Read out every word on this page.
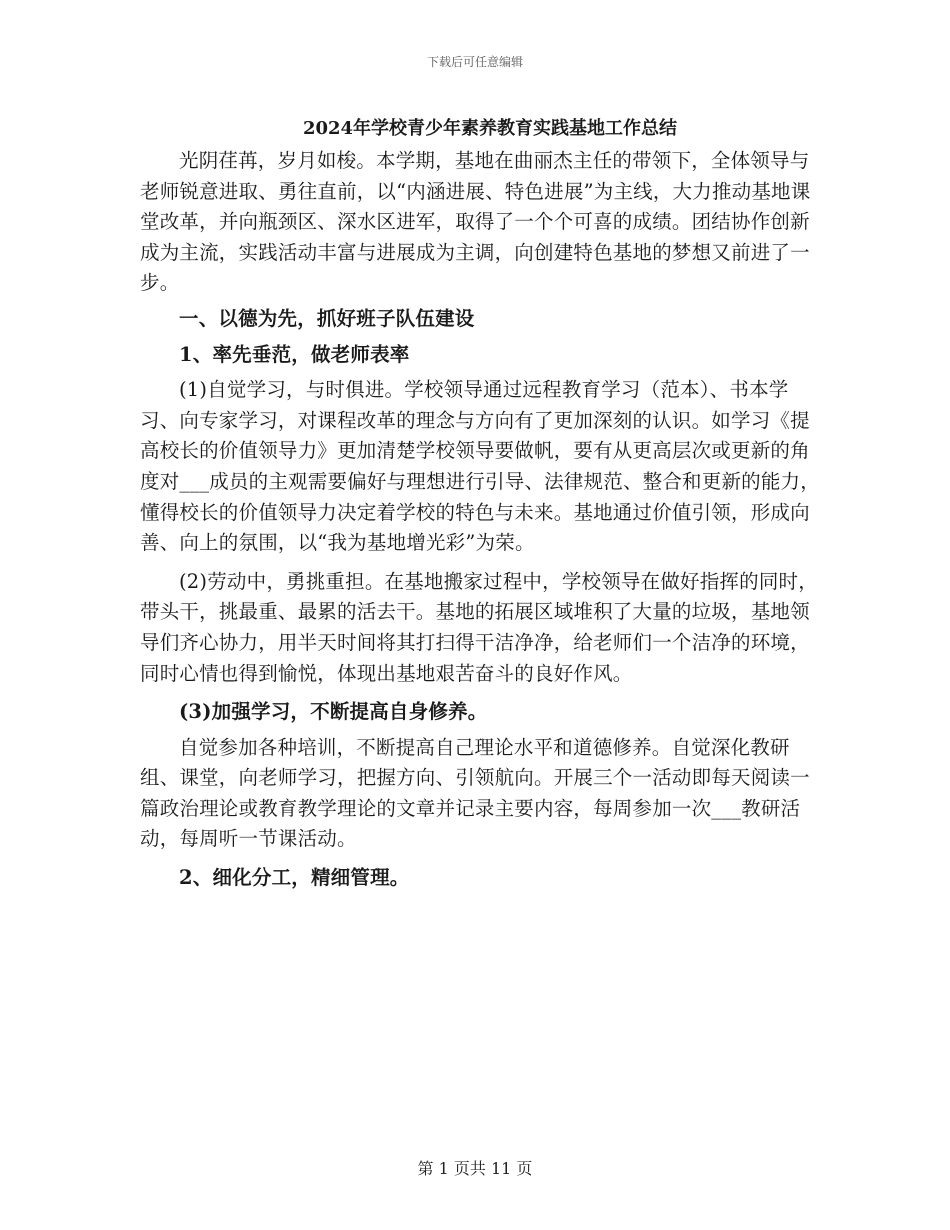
下载后可任意编辑
2024年学校青少年素养教育实践基地工作总结

光阴荏苒，岁月如梭。本学期，基地在曲丽杰主任的带领下，全体领导与老师锐意进取、勇往直前，以“内涵进展、特色进展”为主线，大力推动基地课堂改革，并向瓶颈区、深水区进军，取得了一个个可喜的成绩。团结协作创新成为主流，实践活动丰富与进展成为主调，向创建特色基地的梦想又前进了一步。

一、以德为先，抓好班子队伍建设

1、率先垂范，做老师表率

(1)自觉学习，与时俱进。学校领导通过远程教育学习（范本）、书本学习、向专家学习，对课程改革的理念与方向有了更加深刻的认识。如学习《提高校长的价值领导力》更加清楚学校领导要做帆，要有从更高层次或更新的角度对___成员的主观需要偏好与理想进行引导、法律规范、整合和更新的能力，懂得校长的价值领导力决定着学校的特色与未来。基地通过价值引领，形成向善、向上的氛围，以“我为基地增光彩”为荣。

(2)劳动中，勇挑重担。在基地搬家过程中，学校领导在做好指挥的同时，带头干，挑最重、最累的活去干。基地的拓展区域堆积了大量的垃圾，基地领导们齐心协力，用半天时间将其打扫得干洁净净，给老师们一个洁净的环境，同时心情也得到愉悦，体现出基地艰苦奋斗的良好作风。

(3)加强学习，不断提高自身修养。

自觉参加各种培训，不断提高自己理论水平和道德修养。自觉深化教研组、课堂，向老师学习，把握方向、引领航向。开展三个一活动即每天阅读一篇政治理论或教育教学理论的文章并记录主要内容，每周参加一次___教研活动，每周听一节课活动。

2、细化分工，精细管理。

第 1 页共 11 页
